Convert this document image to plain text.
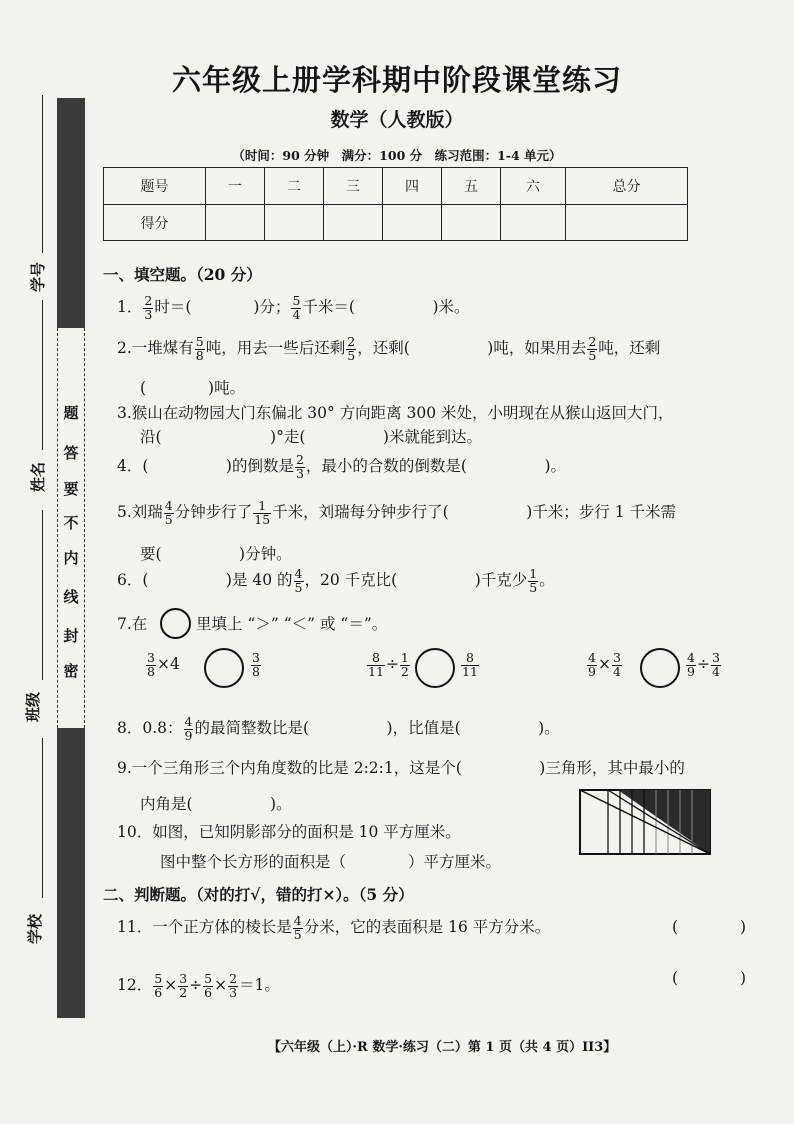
题
答
要
不
内
线
封
密
学号
姓名
班级
学校
六年级上册学科期中阶段课堂练习
数学（人教版）
（时间：90 分钟　满分：100 分　练习范围：1-4 单元）
题号	一	二	三	四	五	六	总分
得分							
一、填空题。（20 分）
1． $\frac{2}{3}$ 时＝(　　　　)分； $\frac{5}{4}$ 千米＝(　　　　　)米。
2.一堆煤有 $\frac{5}{8}$ 吨，用去一些后还剩 $\frac{2}{5}$ ，还剩(　　　　　)吨，如果用去 $\frac{2}{5}$ 吨，还剩
(　　　　)吨。
3.猴山在动物园大门东偏北 30° 方向距离 300 米处，小明现在从猴山返回大门，
沿(　　　　　　　)°走(　　　　　)米就能到达。
4．(　　　　　)的倒数是 $\frac{2}{3}$ ，最小的合数的倒数是(　　　　　)。
5.刘瑞 $\frac{4}{5}$ 分钟步行了 $\frac{1}{15}$ 千米，刘瑞每分钟步行了(　　　　　)千米；步行 1 千米需
要(　　　　　)分钟。
6．(　　　　　)是 40 的 $\frac{4}{5}$ ，20 千克比(　　　　　)千克少 $\frac{1}{5}$ 。
7.在	里填上 “＞” “＜” 或 “＝”。
$\frac{3}{8} \times 4$	$\frac{3}{8}$	$\frac{8}{11} \div \frac{1}{2}$	$\frac{8}{11}$	$\frac{4}{9} \times \frac{3}{4}$	$\frac{4}{9} \div \frac{3}{4}$
8．0.8： $\frac{4}{9}$ 的最简整数比是(　　　　　)，比值是(　　　　　)。
9.一个三角形三个内角度数的比是 2:2:1，这是个(　　　　　)三角形，其中最小的
内角是(　　　　　)。
10．如图，已知阴影部分的面积是 10 平方厘米。
图中整个长方形的面积是（　　　　）平方厘米。
二、判断题。（对的打√，错的打×）。（5 分）
11．一个正方体的棱长是 $\frac{4}{5}$ 分米，它的表面积是 16 平方分米。	(　　　　)
12． $\frac{5}{6} \times \frac{3}{2} \div \frac{5}{6} \times \frac{2}{3} =1$。	(　　　　)
【六年级（上）·R 数学·练习（二）第 1 页（共 4 页）II3】
